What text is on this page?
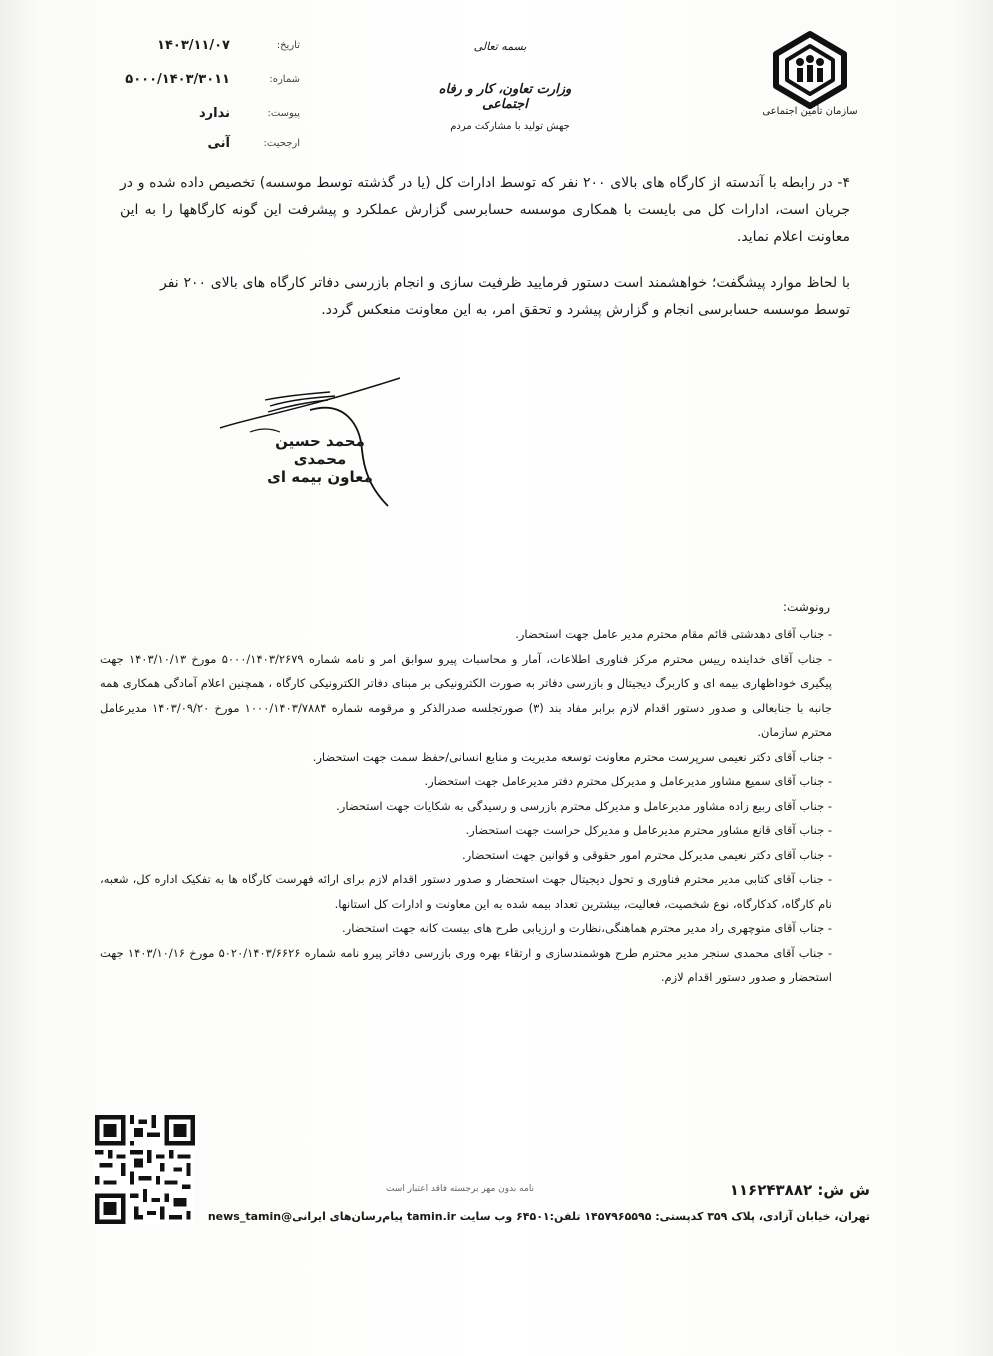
سازمان تأمین اجتماعی
بسمه تعالی
وزارت تعاون، کار و رفاه اجتماعی
جهش تولید با مشارکت مردم
تاریخ:
۱۴۰۳/۱۱/۰۷
شماره:
۵۰۰۰/۱۴۰۳/۳۰۱۱
پیوست:
ندارد
ارجحیت:
آنی
۴- در رابطه با آندسته از کارگاه های بالای ۲۰۰ نفر که توسط ادارات کل (یا در گذشته توسط موسسه) تخصیص داده شده و در جریان است، ادارات کل می بایست با همکاری موسسه حسابرسی گزارش عملکرد و پیشرفت این گونه کارگاهها را به این معاونت اعلام نماید.
با لحاظ موارد پیشگفت؛ خواهشمند است دستور فرمایید ظرفیت سازی و انجام بازرسی دفاتر کارگاه های بالای ۲۰۰ نفر توسط موسسه حسابرسی انجام و گزارش پیشرد و تحقق امر، به این معاونت منعکس گردد.
محمد حسین محمدی
معاون بیمه ای
رونوشت:
- جناب آقای دهدشتی قائم مقام محترم مدیر عامل جهت استحضار.
- جناب آقای خداینده رییس محترم مرکز فناوری اطلاعات، آمار و محاسبات پیرو سوابق امر و نامه شماره ۵۰۰۰/۱۴۰۳/۲۶۷۹ مورخ ۱۴۰۳/۱۰/۱۳ جهت پیگیری خوداظهاری بیمه ای و کاربرگ دیجیتال و بازرسی دفاتر به صورت الکترونیکی بر مبنای دفاتر الکترونیکی کارگاه ، همچنین اعلام آمادگی همکاری همه جانبه با جنابعالی و صدور دستور اقدام لازم برابر مفاد بند (۳) صورتجلسه صدرالذکر و مرقومه شماره ۱۰۰۰/۱۴۰۳/۷۸۸۴ مورخ ۱۴۰۳/۰۹/۲۰ مدیرعامل محترم سازمان.
- جناب آقای دکتر نعیمی سرپرست محترم معاونت توسعه مدیریت و منابع انسانی/حفظ سمت جهت استحضار.
- جناب آقای سمیع مشاور مدیرعامل و مدیرکل محترم دفتر مدیرعامل جهت استحضار.
- جناب آقای ربیع زاده مشاور مدیرعامل و مدیرکل محترم بازرسی و رسیدگی به شکایات جهت استحضار.
- جناب آقای قانع مشاور محترم مدیرعامل و مدیرکل حراست جهت استحضار.
- جناب آقای دکتر نعیمی مدیرکل محترم امور حقوقی و قوانین جهت استحضار.
- جناب آقای کتابی مدیر محترم فناوری و تحول دیجیتال جهت استحضار و صدور دستور اقدام لازم برای ارائه فهرست کارگاه ها به تفکیک اداره کل، شعبه، نام کارگاه، کدکارگاه، نوع شخصیت، فعالیت، بیشترین تعداد بیمه شده به این معاونت و ادارات کل استانها.
- جناب آقای منوچهری راد مدیر محترم هماهنگی،نظارت و ارزیابی طرح های بیست کانه جهت استحضار.
- جناب آقای محمدی سنجر مدیر محترم طرح هوشمندسازی و ارتقاء بهره وری بازرسی دفاتر پیرو نامه شماره ۵۰۲۰/۱۴۰۳/۶۶۲۶ مورخ ۱۴۰۳/۱۰/۱۶ جهت استحضار و صدور دستور اقدام لازم.
ش ش: ۱۱۶۲۴۳۸۸۲
نامه بدون مهر برجسته فاقد اعتبار است
تهران، خیابان آزادی، پلاک ۳۵۹ کدپستی: ۱۴۵۷۹۶۵۵۹۵ تلفن:۶۴۵۰۱ وب سایت tamin.ir پیام‌رسان‌های ایرانی@news_tamin
